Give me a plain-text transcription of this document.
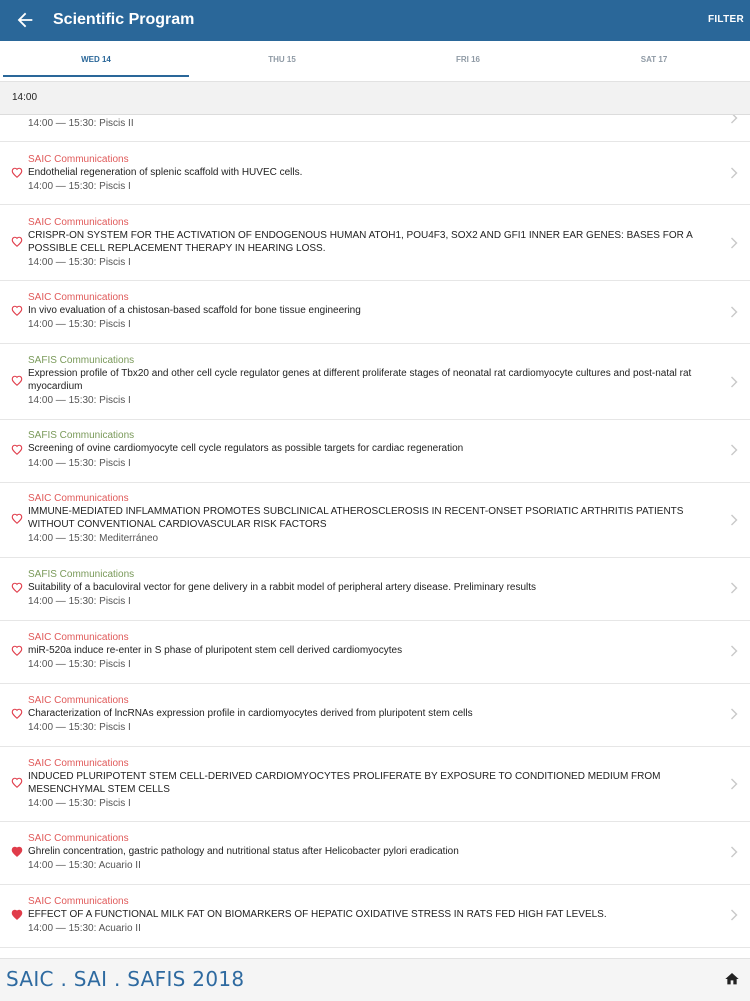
Scientific Program	FILTER
WED 14	THU 15	FRI 16	SAT 17
14:00
14:00 — 15:30: Piscis II
SAIC Communications
Endothelial regeneration of splenic scaffold with HUVEC cells.
14:00 — 15:30: Piscis I
SAIC Communications
CRISPR-ON SYSTEM FOR THE ACTIVATION OF ENDOGENOUS HUMAN ATOH1, POU4F3, SOX2 AND GFI1 INNER EAR GENES: BASES FOR A POSSIBLE CELL REPLACEMENT THERAPY IN HEARING LOSS.
14:00 — 15:30: Piscis I
SAIC Communications
In vivo evaluation of a chistosan-based scaffold for bone tissue engineering
14:00 — 15:30: Piscis I
SAFIS Communications
Expression profile of Tbx20 and other cell cycle regulator genes at different proliferate stages of neonatal rat cardiomyocyte cultures and post-natal rat myocardium
14:00 — 15:30: Piscis I
SAFIS Communications
Screening of ovine cardiomyocyte cell cycle regulators as possible targets for cardiac regeneration
14:00 — 15:30: Piscis I
SAIC Communications
IMMUNE-MEDIATED INFLAMMATION PROMOTES SUBCLINICAL ATHEROSCLEROSIS IN RECENT-ONSET PSORIATIC ARTHRITIS PATIENTS WITHOUT CONVENTIONAL CARDIOVASCULAR RISK FACTORS
14:00 — 15:30: Mediterráneo
SAFIS Communications
Suitability of a baculoviral vector for gene delivery in a rabbit model of peripheral artery disease. Preliminary results
14:00 — 15:30: Piscis I
SAIC Communications
miR-520a induce re-enter in S phase of pluripotent stem cell derived cardiomyocytes
14:00 — 15:30: Piscis I
SAIC Communications
Characterization of lncRNAs expression profile in cardiomyocytes derived from pluripotent stem cells
14:00 — 15:30: Piscis I
SAIC Communications
INDUCED PLURIPOTENT STEM CELL-DERIVED CARDIOMYOCYTES PROLIFERATE BY EXPOSURE TO CONDITIONED MEDIUM FROM MESENCHYMAL STEM CELLS
14:00 — 15:30: Piscis I
SAIC Communications
Ghrelin concentration, gastric pathology and nutritional status after Helicobacter pylori eradication
14:00 — 15:30: Acuario II
SAIC Communications
EFFECT OF A FUNCTIONAL MILK FAT ON BIOMARKERS OF HEPATIC OXIDATIVE STRESS IN RATS FED HIGH FAT LEVELS.
14:00 — 15:30: Acuario II
SAIC . SAI . SAFIS 2018
